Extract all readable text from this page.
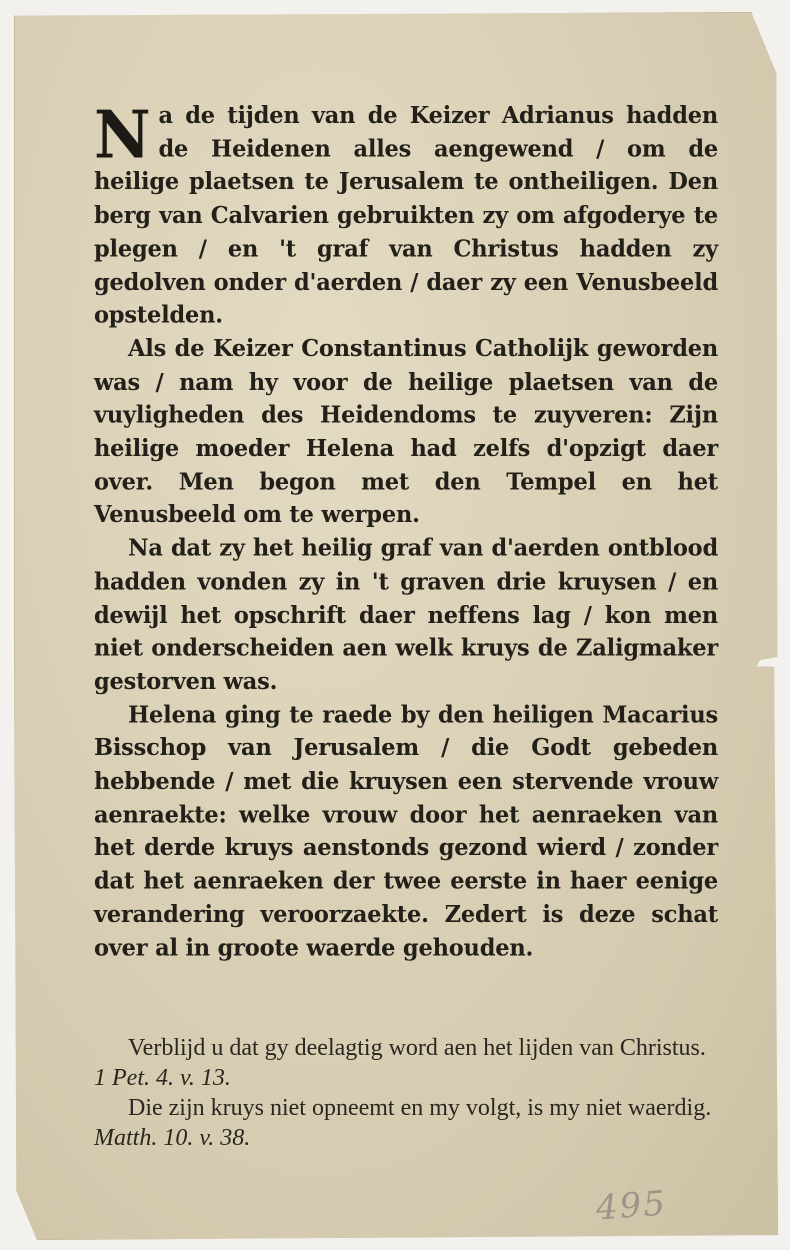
Na de tijden van de Keizer Adrianus hadden de Heidenen alles aengewend / om de heilige plaetsen te Jerusalem te ontheiligen. Den berg van Calvarien gebruikten zy om afgoderye te plegen / en 't graf van Christus hadden zy gedolven onder d'aerden / daer zy een Venusbeeld opstelden.

Als de Keizer Constantinus Catholijk geworden was / nam hy voor de heilige plaetsen van de vuyligheden des Heidendoms te zuyveren: Zijn heilige moeder Helena had zelfs d'opzigt daer over. Men begon met den Tempel en het Venusbeeld om te werpen.

Na dat zy het heilig graf van d'aerden ontblood hadden vonden zy in 't graven drie kruysen / en dewijl het opschrift daer neffens lag / kon men niet onderscheiden aen welk kruys de Zaligmaker gestorven was.

Helena ging te raede by den heiligen Macarius Bisschop van Jerusalem / die Godt gebeden hebbende / met die kruysen een stervende vrouw aenraekte: welke vrouw door het aenraeken van het derde kruys aenstonds gezond wierd / zonder dat het aenraeken der twee eerste in haer eenige verandering veroorzaekte. Zedert is deze schat over al in groote waerde gehouden.

Verblijd u dat gy deelagtig word aen het lijden van Christus. 1 Pet. 4. v. 13.

Die zijn kruys niet opneemt en my volgt, is my niet waerdig. Matth. 10. v. 38.

495
